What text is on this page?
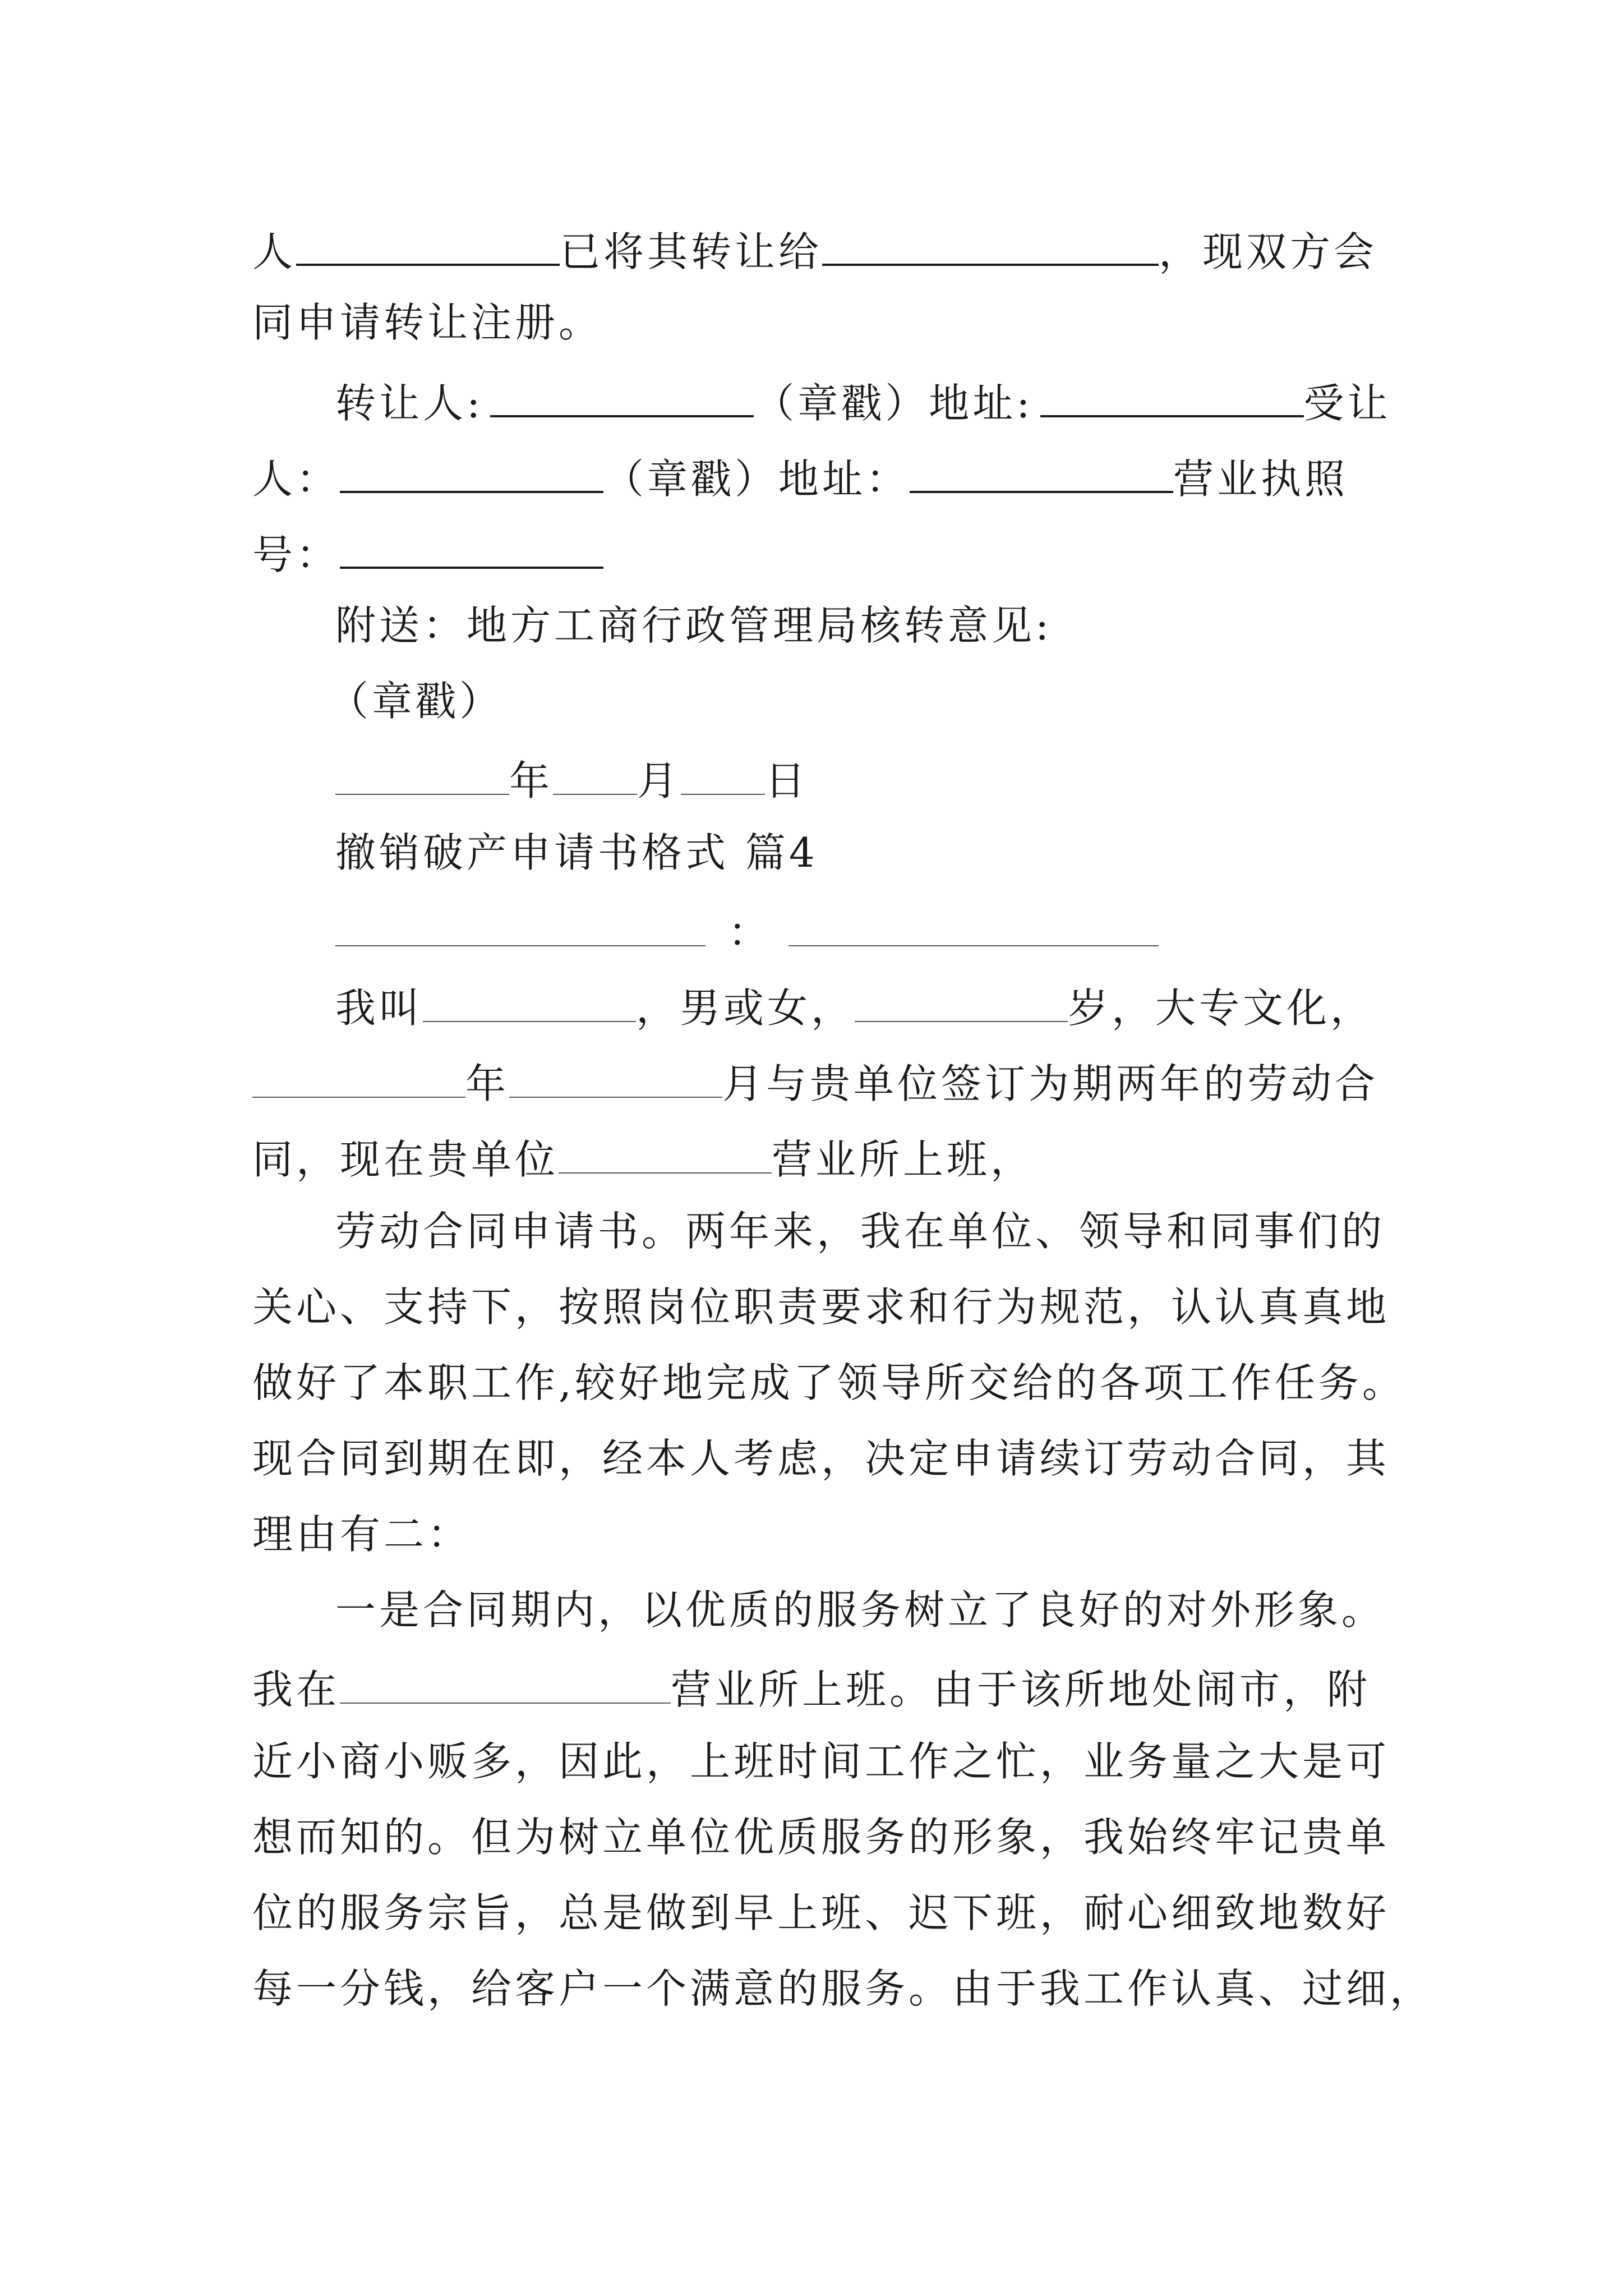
人	已将其转让给	，现双方会
同申请转让注册。
转让人:	（章戳）地址:	受让
人：	（章戳）地址：	营业执照
号：
附送：地方工商行政管理局核转意见:
（章戳）
年 月 日
撤销破产申请书格式 篇4
：
我叫	，男或女，	岁，大专文化，
年	月与贵单位签订为期两年的劳动合
同，现在贵单位	营业所上班，
劳动合同申请书。两年来，我在单位、领导和同事们的
关心、支持下，按照岗位职责要求和行为规范，认认真真地
做好了本职工作,较好地完成了领导所交给的各项工作任务。
现合同到期在即，经本人考虑，决定申请续订劳动合同，其
理由有二：
一是合同期内，以优质的服务树立了良好的对外形象。
我在	营业所上班。由于该所地处闹市，附
近小商小贩多，因此，上班时间工作之忙，业务量之大是可
想而知的。但为树立单位优质服务的形象，我始终牢记贵单
位的服务宗旨，总是做到早上班、迟下班，耐心细致地数好
每一分钱，给客户一个满意的服务。由于我工作认真、过细，
